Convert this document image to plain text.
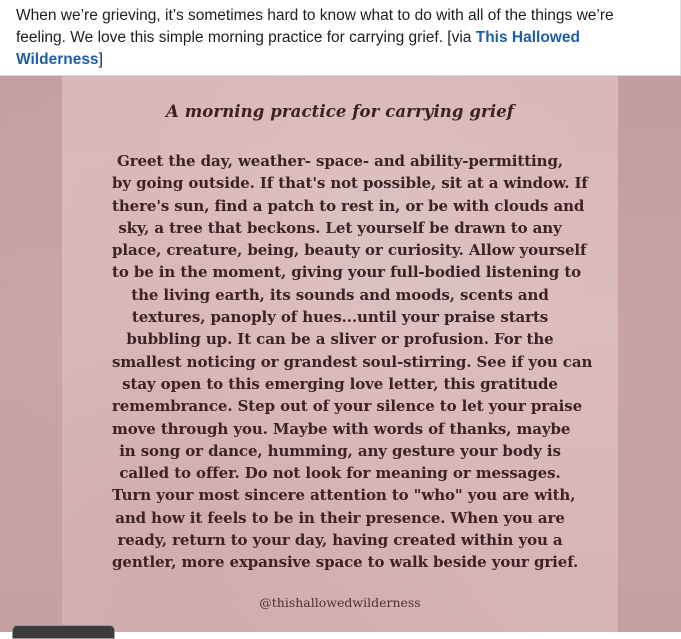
When we’re grieving, it’s sometimes hard to know what to do with all of the things we’re feeling. We love this simple morning practice for carrying grief. [via This Hallowed Wilderness]
A morning practice for carrying grief
Greet the day, weather- space- and ability-permitting,
by going outside. If that's not possible, sit at a window. If
there's sun, find a patch to rest in, or be with clouds and
sky, a tree that beckons. Let yourself be drawn to any
place, creature, being, beauty or curiosity. Allow yourself
to be in the moment, giving your full-bodied listening to
the living earth, its sounds and moods, scents and
textures, panoply of hues...until your praise starts
bubbling up. It can be a sliver or profusion. For the
smallest noticing or grandest soul-stirring. See if you can
stay open to this emerging love letter, this gratitude
remembrance. Step out of your silence to let your praise
move through you. Maybe with words of thanks, maybe
in song or dance, humming, any gesture your body is
called to offer. Do not look for meaning or messages.
Turn your most sincere attention to "who" you are with,
and how it feels to be in their presence. When you are
ready, return to your day, having created within you a
gentler, more expansive space to walk beside your grief.
@thishallowedwilderness
